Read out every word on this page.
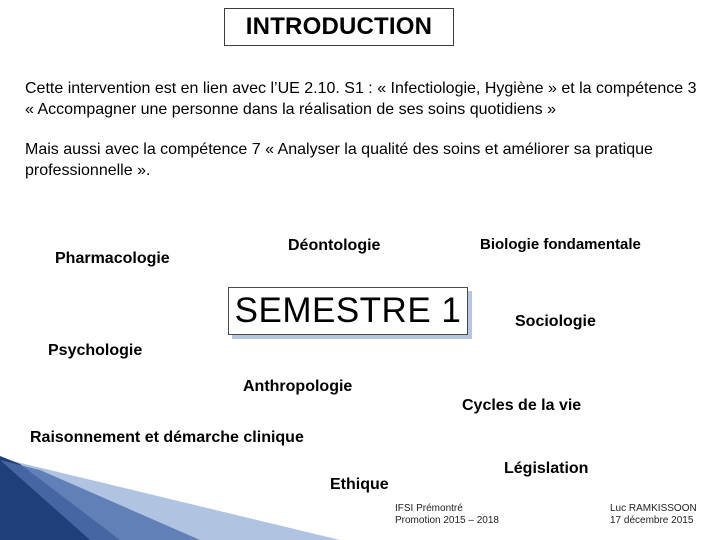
INTRODUCTION

Cette intervention est en lien avec l’UE 2.10. S1 : « Infectiologie, Hygiène » et la compétence 3 « Accompagner une personne dans la réalisation de ses soins quotidiens »

Mais aussi avec la compétence 7 « Analyser la qualité des soins et améliorer sa pratique professionnelle ».

Pharmacologie
Déontologie	Biologie fondamentale
SEMESTRE 1	Sociologie
Psychologie
Anthropologie
Cycles de la vie
Raisonnement et démarche clinique
Législation
Ethique
IFSI Prémontré
Promotion 2015 – 2018
Luc RAMKISSOON
17 décembre 2015
